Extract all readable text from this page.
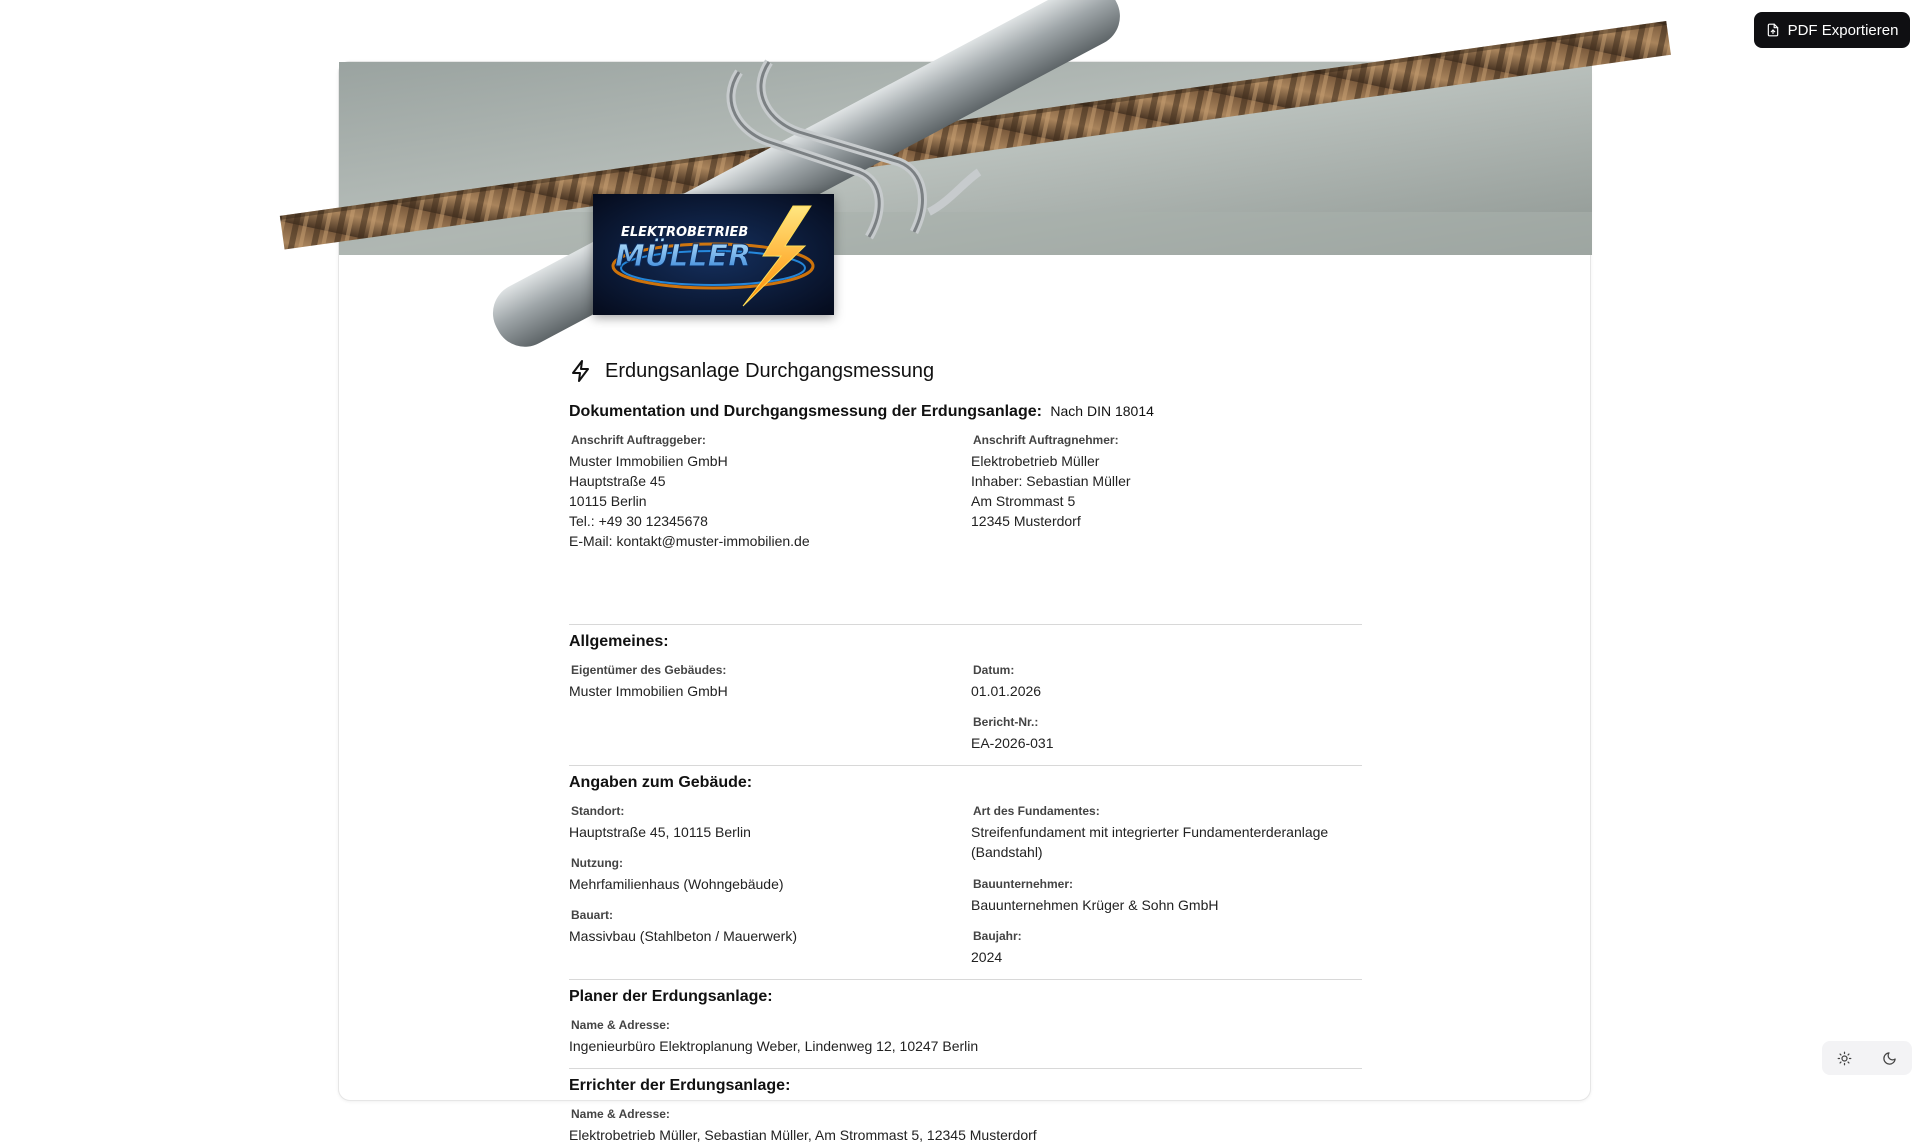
PDF Exportieren
ELEKTROBETRIEB
MÜLLER
Erdungsanlage Durchgangsmessung
Dokumentation und Durchgangsmessung der Erdungsanlage: Nach DIN 18014
Anschrift Auftraggeber:
Muster Immobilien GmbH
Hauptstraße 45
10115 Berlin
Tel.: +49 30 12345678
E-Mail: kontakt@muster-immobilien.de
Anschrift Auftragnehmer:
Elektrobetrieb Müller
Inhaber: Sebastian Müller
Am Strommast 5
12345 Musterdorf
Allgemeines:
Eigentümer des Gebäudes:
Muster Immobilien GmbH
Datum:
01.01.2026
Bericht-Nr.:
EA-2026-031
Angaben zum Gebäude:
Standort:
Hauptstraße 45, 10115 Berlin
Nutzung:
Mehrfamilienhaus (Wohngebäude)
Bauart:
Massivbau (Stahlbeton / Mauerwerk)
Art des Fundamentes:
Streifenfundament mit integrierter Fundamenterderanlage (Bandstahl)
Bauunternehmer:
Bauunternehmen Krüger & Sohn GmbH
Baujahr:
2024
Planer der Erdungsanlage:
Name & Adresse:
Ingenieurbüro Elektroplanung Weber, Lindenweg 12, 10247 Berlin
Errichter der Erdungsanlage:
Name & Adresse:
Elektrobetrieb Müller, Sebastian Müller, Am Strommast 5, 12345 Musterdorf
